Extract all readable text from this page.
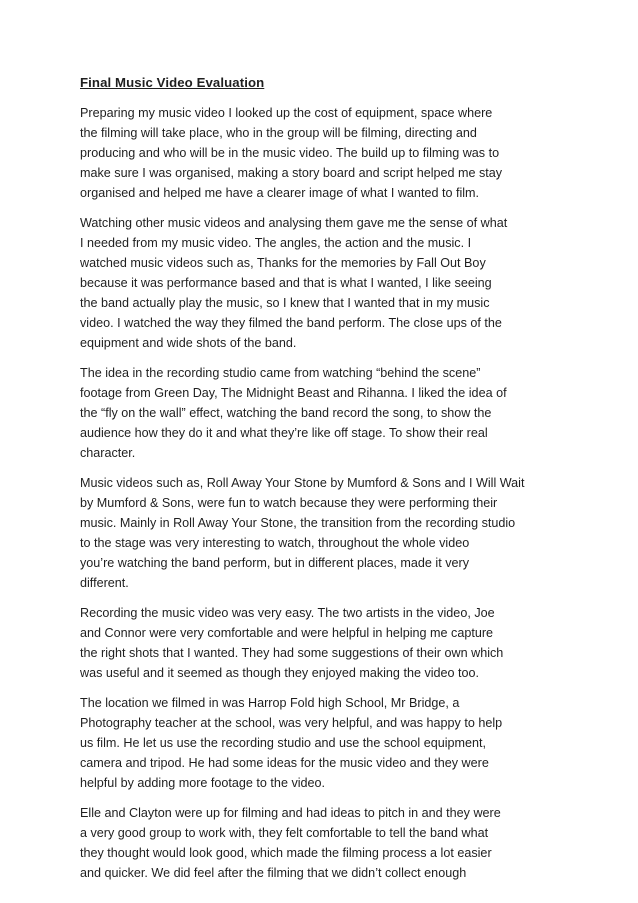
Final Music Video Evaluation
Preparing my music video I looked up the cost of equipment, space where
the filming will take place, who in the group will be filming, directing and
producing and who will be in the music video. The build up to filming was to
make sure I was organised, making a story board and script helped me stay
organised and helped me have a clearer image of what I wanted to film.
Watching other music videos and analysing them gave me the sense of what
I needed from my music video. The angles, the action and the music. I
watched music videos such as, Thanks for the memories by Fall Out Boy
because it was performance based and that is what I wanted, I like seeing
the band actually play the music, so I knew that I wanted that in my music
video. I watched the way they filmed the band perform. The close ups of the
equipment and wide shots of the band.
The idea in the recording studio came from watching “behind the scene”
footage from Green Day, The Midnight Beast and Rihanna. I liked the idea of
the “fly on the wall” effect, watching the band record the song, to show the
audience how they do it and what they’re like off stage. To show their real
character.
Music videos such as, Roll Away Your Stone by Mumford & Sons and I Will Wait
by Mumford & Sons, were fun to watch because they were performing their
music. Mainly in Roll Away Your Stone, the transition from the recording studio
to the stage was very interesting to watch, throughout the whole video
you’re watching the band perform, but in different places, made it very
different.
Recording the music video was very easy. The two artists in the video, Joe
and Connor were very comfortable and were helpful in helping me capture
the right shots that I wanted. They had some suggestions of their own which
was useful and it seemed as though they enjoyed making the video too.
The location we filmed in was Harrop Fold high School, Mr Bridge, a
Photography teacher at the school, was very helpful, and was happy to help
us film. He let us use the recording studio and use the school equipment,
camera and tripod. He had some ideas for the music video and they were
helpful by adding more footage to the video.
Elle and Clayton were up for filming and had ideas to pitch in and they were
a very good group to work with, they felt comfortable to tell the band what
they thought would look good, which made the filming process a lot easier
and quicker. We did feel after the filming that we didn’t collect enough
